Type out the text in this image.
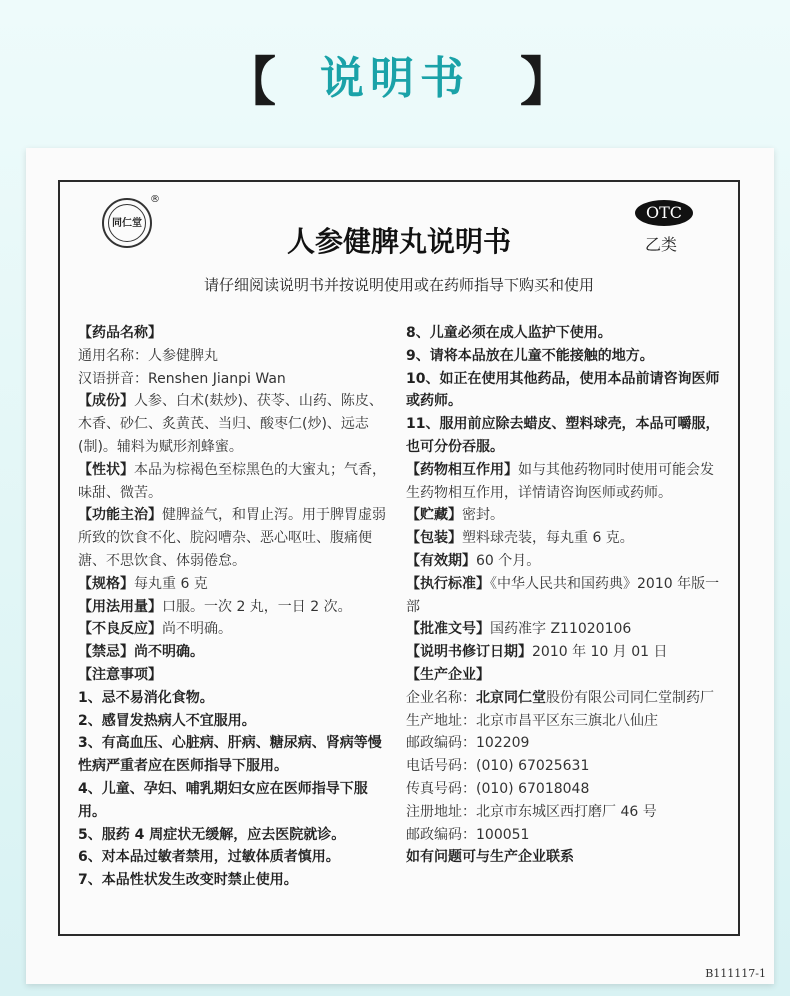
【 说明书 】
同仁堂
®
人参健脾丸说明书
OTC
乙类
请仔细阅读说明书并按说明使用或在药师指导下购买和使用

【药品名称】

通用名称：人参健脾丸

汉语拼音：Renshen Jianpi Wan

【成份】人参、白术(麸炒)、茯苓、山药、陈皮、木香、砂仁、炙黄芪、当归、酸枣仁(炒)、远志(制)。辅料为赋形剂蜂蜜。

【性状】本品为棕褐色至棕黑色的大蜜丸；气香，味甜、微苦。

【功能主治】健脾益气，和胃止泻。用于脾胃虚弱所致的饮食不化、脘闷嘈杂、恶心呕吐、腹痛便溏、不思饮食、体弱倦怠。

【规格】每丸重 6 克

【用法用量】口服。一次 2 丸，一日 2 次。

【不良反应】尚不明确。

【禁忌】尚不明确。

【注意事项】

1、忌不易消化食物。

2、感冒发热病人不宜服用。

3、有高血压、心脏病、肝病、糖尿病、肾病等慢性病严重者应在医师指导下服用。

4、儿童、孕妇、哺乳期妇女应在医师指导下服用。

5、服药 4 周症状无缓解，应去医院就诊。

6、对本品过敏者禁用，过敏体质者慎用。

7、本品性状发生改变时禁止使用。

8、儿童必须在成人监护下使用。

9、请将本品放在儿童不能接触的地方。

10、如正在使用其他药品，使用本品前请咨询医师或药师。

11、服用前应除去蜡皮、塑料球壳，本品可嚼服，也可分份吞服。

【药物相互作用】如与其他药物同时使用可能会发生药物相互作用，详情请咨询医师或药师。

【贮藏】密封。

【包装】塑料球壳装，每丸重 6 克。

【有效期】60 个月。

【执行标准】《中华人民共和国药典》2010 年版一部

【批准文号】国药准字 Z11020106

【说明书修订日期】2010 年 10 月 01 日

【生产企业】

企业名称：北京同仁堂股份有限公司同仁堂制药厂

生产地址：北京市昌平区东三旗北八仙庄

邮政编码：102209

电话号码：(010) 67025631

传真号码：(010) 67018048

注册地址：北京市东城区西打磨厂 46 号

邮政编码：100051

如有问题可与生产企业联系

B111117-1
